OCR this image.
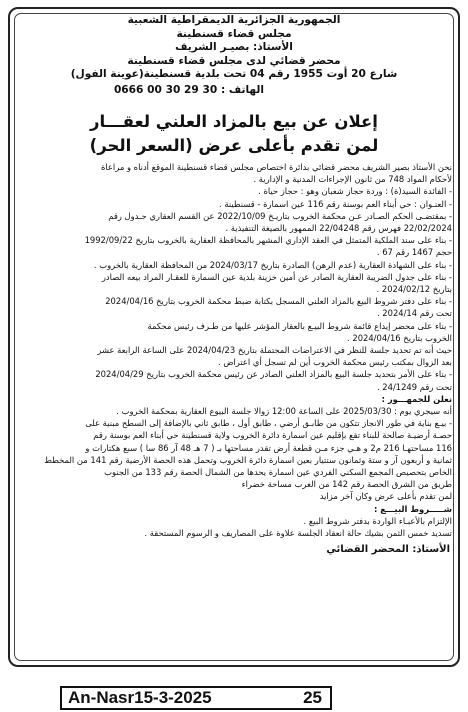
الجمهورية الجزائرية الديمقراطية الشعبية
مجلس قضاء قسنطينة
الأستاذ: بصيـر الشريف
محضر قضائي لدى مجلس قضاء قسنطينة
شارع 20 أوت 1955 رقم 04 تحت بلدية قسنطينة(عوينة الفول)
الهاتف : 30 29 30 00 0666
إعلان عن بيع بالمزاد العلني لعقـــار
لمن تقدم بأعلى عرض (السعر الحر)

نحن الأستاذ بصير الشريف محضر قضائي بدائرة اختصاص مجلس قضاء قسنطينة الموقع أدناه و مراعاة

لأحكام المواد 748 من ثانون الإجراءات المدنية و الإدارية .

- الفائدة السيد(ة) : وردة حجاز شعبان وهو : حجاز حياة .

- العنـوان : حي أبناء العم بوسنة رقم 116 عين اسمارة - قسنطينة .

- بمقتضـى الحكم الصـادر عـن محكمة الخروب بتاريـخ 2022/10/09 عن القسم العقاري جـدول رقم

22/02/2024 فهرس رقم 22/04248 الممهور بالصيغة التنفيذية .

- بناء على سند الملكية المتمثل في العقد الإداري المشهر بالمحافظة العقارية بالخروب بتاريخ 1992/09/22

حجم 1467 رقم 67 .

- بناء على الشهادة العقارية (عدم الرهن) الصادرة بتاريخ 2024/03/17 من المحافظة العقارية بالخروب .

- بناء على جدول الضريبة العقارية الصادر عن أمين خزينة بلدية عين السمارة للعقـار المراد بيعه الصادر

بتاريخ 2024/02/12 .

- بناء على دفتر شروط البيع بالمزاد العلني المسجل بكتابة ضبط محكمة الخروب بتاريخ 2024/04/16

تحت رقم 2024/14 .

- بناء على محضر إيداع قائمة شروط البيـع بالعقار المؤشر عليها من طـرف رئيس محكمة

الخروب بتاريخ 2024/04/16 .

حيث أنه تم تحديد جلسة للنظر في الاعتراضات المحتملة بتاريخ 2024/04/23 على الساعة الرابعة عشر

بعد الزوال بمكتب رئيس محكمة الخروب أين لم تسجل أي اعتراض .

- بناء على الأمر بتحديد جلسة البيع بالمزاد العلني الصادر عن رئيس محكمة الخروب بتاريخ 2024/04/29

تحت رقم 24/1249 .

نعلن للجمهـــور :

أنه سيجري يوم : 2025/03/30 على الساعة 12:00 زوالا جلسة البيوع العقارية بمحكمة الخروب .

- بيـع بناية في طور الانجاز تتكون من طابـق أرضي ، طابق أول ، طابق ثاني بالإضافة إلى السطح مبنية على

حصـة أرضيـة صالحة للبناء تقع بإقليم عين اسمارة دائرة الخروب ولاية قسنطينة حي أبناء العم بوسنة رقم

116 مساحتهـا 216 م2 و هـي جزء مـن قطعة أرض تقدر مساحتها بـ ( 7 هـ 48 آر 86 سا ) سبع هكتارات و

ثمانية و أربعون آر و ستة وثمانون سنتيار بعين اسمارة دائرة الخروب وتحمل هذه الحصة الأرضية رقم 141 من المخطط

الخاص بتحصيص المجمع السكني الفردي عين اسمارة يحدها من الشمال الحصة رقم 133 من الجنوب

طريق من الشرق الحصة رقم 142 من الغرب مساحة خضراء

لمن تقدم بأعلى عرض وكان آخر مزايد

شـــــروط البيـــع :

الإلتزام بالأعبـاء الواردة بدفتر شروط البيع .

تسديد خمس الثمن بشيك حالة انعقاد الجلسة علاوة على المصاريف و الرسوم المستحقة .

الأستاذ: المحضر القضائي
An-Nasr15-3-2025	25
